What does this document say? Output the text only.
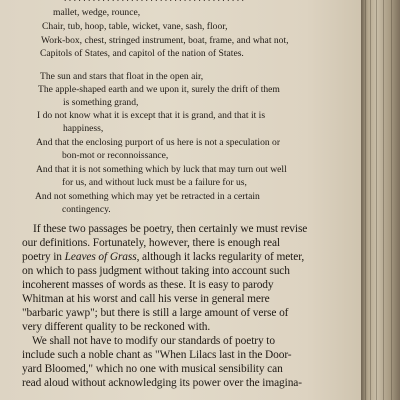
mallet, wedge, rounce,

Chair, tub, hoop, table, wicket, vane, sash, floor,

Work-box, chest, stringed instrument, boat, frame, and what not,

Capitols of States, and capitol of the nation of States.

The sun and stars that float in the open air,

The apple-shaped earth and we upon it, surely the drift of them

is something grand,

I do not know what it is except that it is grand, and that it is

happiness,

And that the enclosing purport of us here is not a speculation or

bon-mot or reconnoissance,

And that it is not something which by luck that may turn out well

for us, and without luck must be a failure for us,

And not something which may yet be retracted in a certain

contingency.

If these two passages be poetry, then certainly we must revise

our definitions. Fortunately, however, there is enough real

poetry in Leaves of Grass, although it lacks regularity of meter,

on which to pass judgment without taking into account such

incoherent masses of words as these. It is easy to parody

Whitman at his worst and call his verse in general mere

"barbaric yawp"; but there is still a large amount of verse of

very different quality to be reckoned with.

We shall not have to modify our standards of poetry to

include such a noble chant as "When Lilacs last in the Door-

yard Bloomed," which no one with musical sensibility can

read aloud without acknowledging its power over the imagina-
